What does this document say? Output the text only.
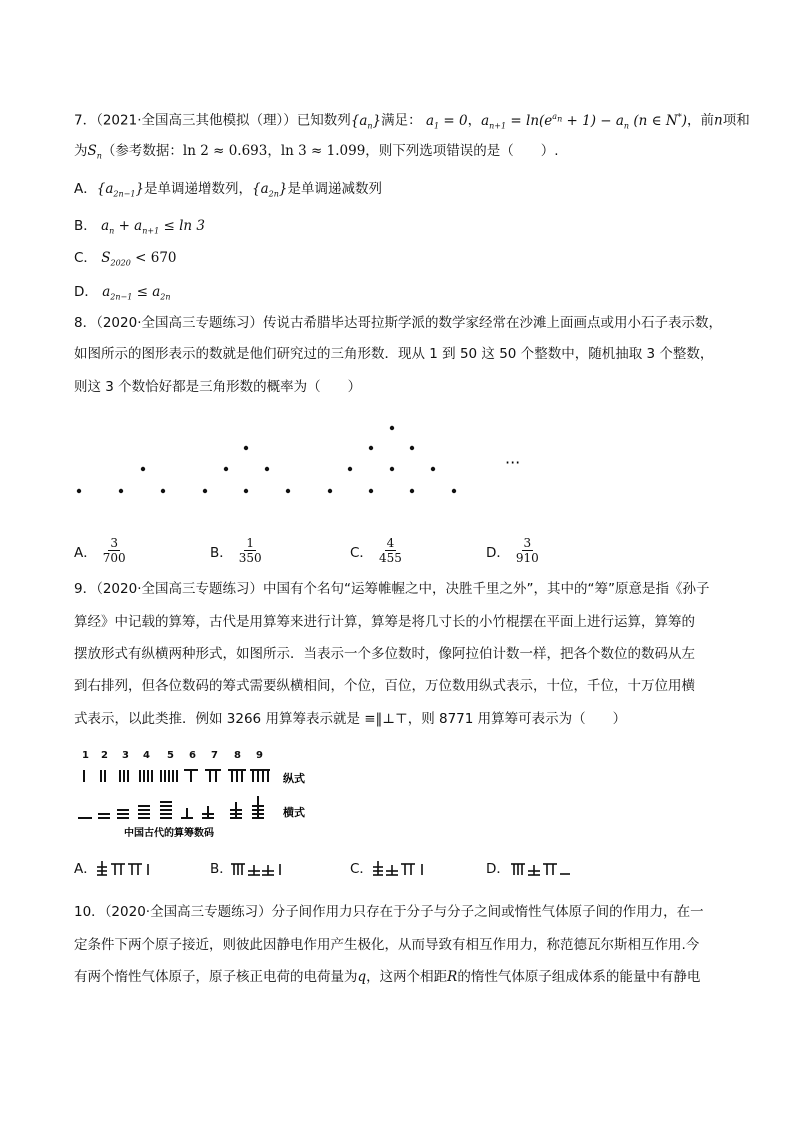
7．（2021·全国高三其他模拟（理））已知数列$\{a_n\}$满足： $a_1 = 0$，$a_{n+1} = \ln(e^{a_n} + 1) - a_n$ (n ∈ N*)，前n项和
为$S_n$（参考数据：ln 2 ≈ 0.693，ln 3 ≈ 1.099，则下列选项错误的是（　　）.
A．$\{a_{2n-1}\}$是单调递增数列，$\{a_{2n}\}$是单调递减数列
B． $a_n + a_{n+1} \le \ln 3$
C． $S_{2020} < 670$
D． $a_{2n-1} \le a_{2n}$
8．（2020·全国高三专题练习）传说古希腊毕达哥拉斯学派的数学家经常在沙滩上面画点或用小石子表示数，
如图所示的图形表示的数就是他们研究过的三角形数．现从 1 到 50 这 50 个整数中，随机抽取 3 个整数，
则这 3 个数恰好都是三角形数的概率为（　　）
···
A． $\frac{3}{700}$	B． $\frac{1}{350}$	C． $\frac{4}{455}$	D． $\frac{3}{910}$
9．（2020·全国高三专题练习）中国有个名句“运筹帷幄之中，决胜千里之外”，其中的“筹”原意是指《孙子
算经》中记载的算筹，古代是用算筹来进行计算，算筹是将几寸长的小竹棍摆在平面上进行运算，算筹的
摆放形式有纵横两种形式，如图所示．当表示一个多位数时，像阿拉伯计数一样，把各个数位的数码从左
到右排列，但各位数码的筹式需要纵横相间，个位，百位，万位数用纵式表示，十位，千位，十万位用横
式表示，以此类推．例如 3266 用算筹表示就是 ≡‖⊥⊤，则 8771 用算筹可表示为（　　）
1 2 3 4 5 6 7 8 9
纵式
横式
中国古代的算筹数码
A．	B．	C．	D．
10．（2020·全国高三专题练习）分子间作用力只存在于分子与分子之间或惰性气体原子间的作用力，在一
定条件下两个原子接近，则彼此因静电作用产生极化，从而导致有相互作用力，称范德瓦尔斯相互作用.今
有两个惰性气体原子，原子核正电荷的电荷量为q，这两个相距R的惰性气体原子组成体系的能量中有静电
